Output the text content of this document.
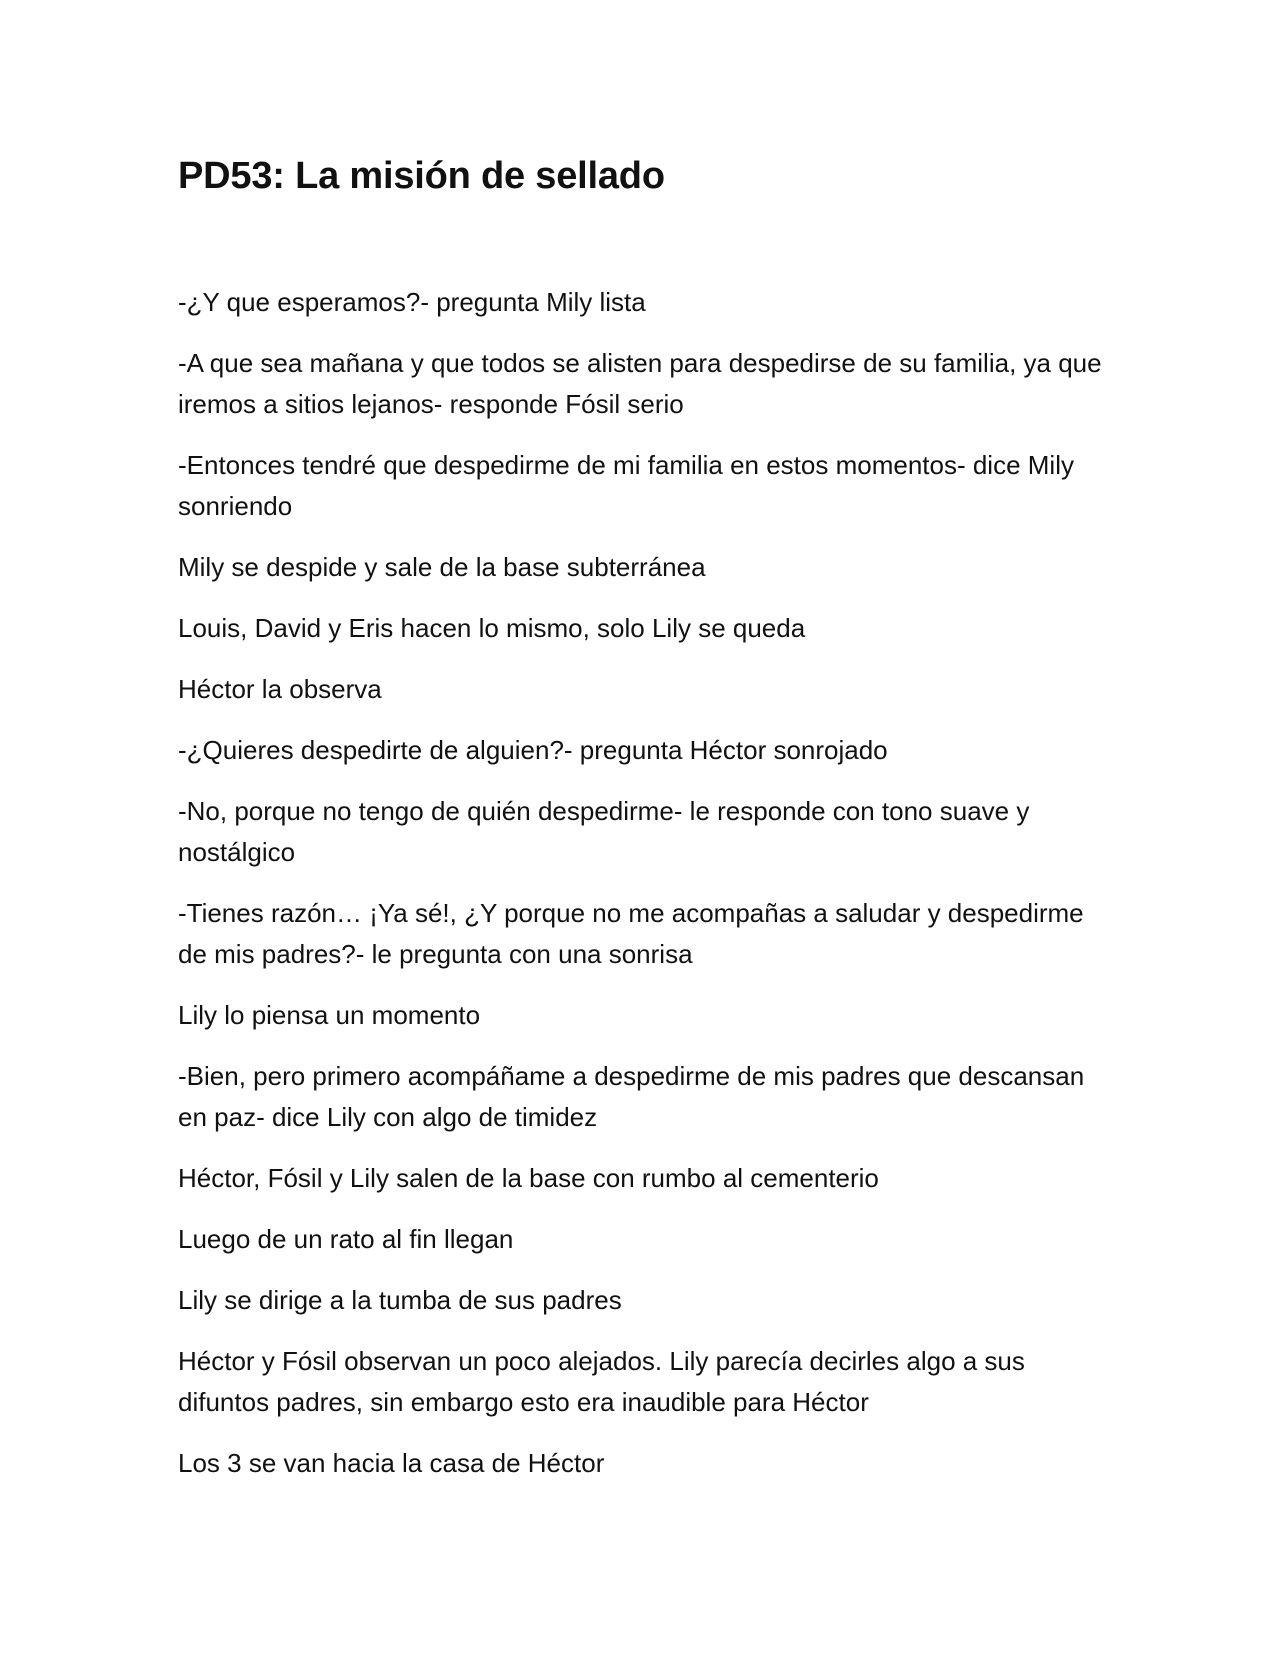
PD53: La misión de sellado

-¿Y que esperamos?- pregunta Mily lista

-A que sea mañana y que todos se alisten para despedirse de su familia, ya que iremos a sitios lejanos- responde Fósil serio

-Entonces tendré que despedirme de mi familia en estos momentos- dice Mily sonriendo

Mily se despide y sale de la base subterránea

Louis, David y Eris hacen lo mismo, solo Lily se queda

Héctor la observa

-¿Quieres despedirte de alguien?- pregunta Héctor sonrojado

-No, porque no tengo de quién despedirme- le responde con tono suave y nostálgico

-Tienes razón… ¡Ya sé!, ¿Y porque no me acompañas a saludar y despedirme de mis padres?- le pregunta con una sonrisa

Lily lo piensa un momento

-Bien, pero primero acompáñame a despedirme de mis padres que descansan en paz- dice Lily con algo de timidez

Héctor, Fósil y Lily salen de la base con rumbo al cementerio

Luego de un rato al fin llegan

Lily se dirige a la tumba de sus padres

Héctor y Fósil observan un poco alejados. Lily parecía decirles algo a sus difuntos padres, sin embargo esto era inaudible para Héctor

Los 3 se van hacia la casa de Héctor
